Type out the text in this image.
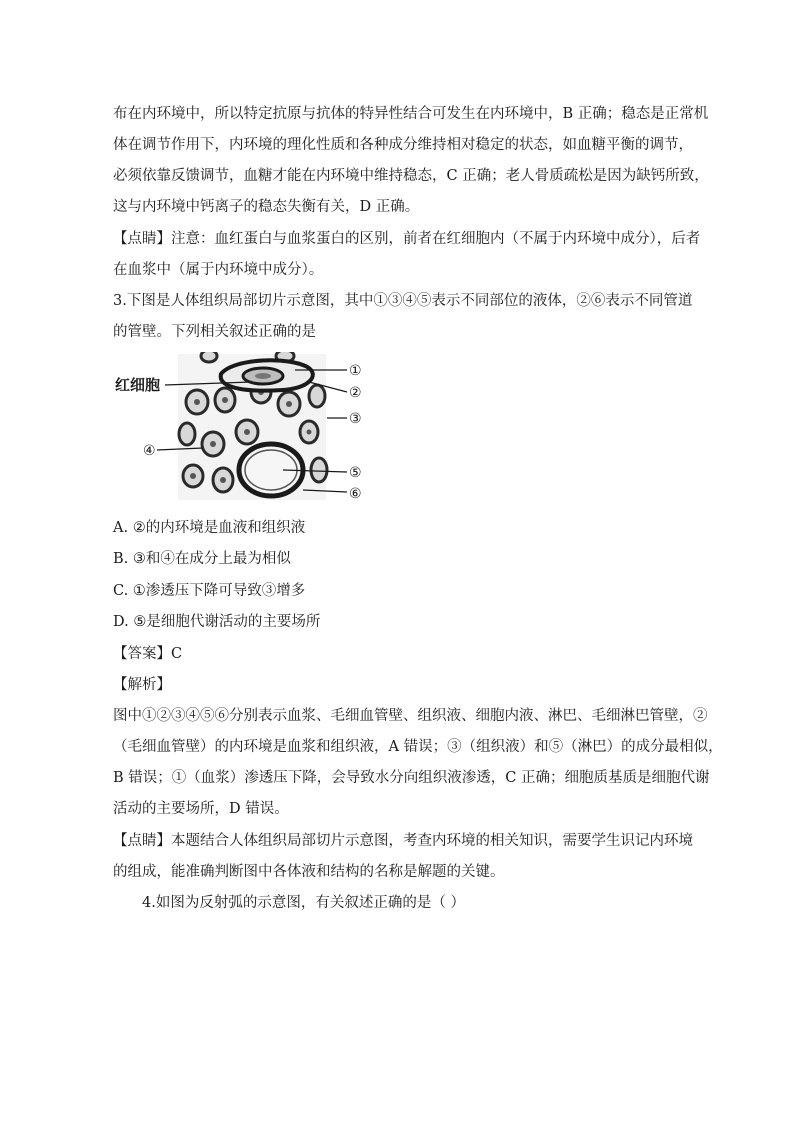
布在内环境中，所以特定抗原与抗体的特异性结合可发生在内环境中，B 正确；稳态是正常机
体在调节作用下，内环境的理化性质和各种成分维持相对稳定的状态，如血糖平衡的调节，
必须依靠反馈调节，血糖才能在内环境中维持稳态，C 正确；老人骨质疏松是因为缺钙所致，
这与内环境中钙离子的稳态失衡有关，D 正确。
【点睛】注意：血红蛋白与血浆蛋白的区别，前者在红细胞内（不属于内环境中成分），后者
在血浆中（属于内环境中成分）。
3.下图是人体组织局部切片示意图，其中①③④⑤表示不同部位的液体，②⑥表示不同管道
的管壁。下列相关叙述正确的是
红细胞
①
②
③
④
⑤
⑥
A. ②的内环境是血液和组织液
B. ③和④在成分上最为相似
C. ①渗透压下降可导致③增多
D. ⑤是细胞代谢活动的主要场所
【答案】C
【解析】
图中①②③④⑤⑥分别表示血浆、毛细血管壁、组织液、细胞内液、淋巴、毛细淋巴管壁，②
（毛细血管壁）的内环境是血浆和组织液，A 错误；③（组织液）和⑤（淋巴）的成分最相似，
B 错误；①（血浆）渗透压下降，会导致水分向组织液渗透，C 正确；细胞质基质是细胞代谢
活动的主要场所，D 错误。
【点睛】本题结合人体组织局部切片示意图，考查内环境的相关知识，需要学生识记内环境
的组成，能准确判断图中各体液和结构的名称是解题的关键。
4.如图为反射弧的示意图，有关叙述正确的是（ ）
